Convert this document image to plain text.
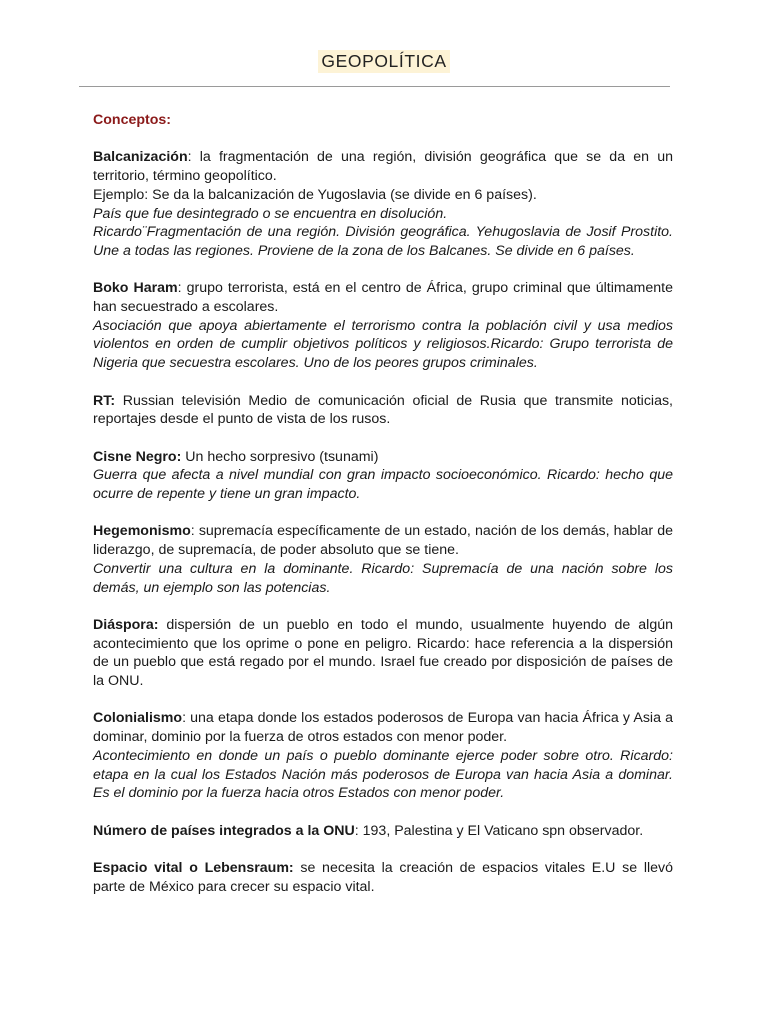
GEOPOLÍTICA
Conceptos:

Balcanización: la fragmentación de una región, división geográfica que se da en un territorio, término geopolítico.

Ejemplo: Se da la balcanización de Yugoslavia (se divide en 6 países).

País que fue desintegrado o se encuentra en disolución.

Ricardo¨Fragmentación de una región. División geográfica. Yehugoslavia de Josif Prostito. Une a todas las regiones. Proviene de la zona de los Balcanes. Se divide en 6 países.

Boko Haram: grupo terrorista, está en el centro de África, grupo criminal que últimamente han secuestrado a escolares.

Asociación que apoya abiertamente el terrorismo contra la población civil y usa medios violentos en orden de cumplir objetivos políticos y religiosos.Ricardo: Grupo terrorista de Nigeria que secuestra escolares. Uno de los peores grupos criminales.

RT: Russian televisión Medio de comunicación oficial de Rusia que transmite noticias, reportajes desde el punto de vista de los rusos.

Cisne Negro: Un hecho sorpresivo (tsunami)

Guerra que afecta a nivel mundial con gran impacto socioeconómico. Ricardo: hecho que ocurre de repente y tiene un gran impacto.

Hegemonismo: supremacía específicamente de un estado, nación de los demás, hablar de liderazgo, de supremacía, de poder absoluto que se tiene.

Convertir una cultura en la dominante. Ricardo: Supremacía de una nación sobre los demás, un ejemplo son las potencias.

Diáspora: dispersión de un pueblo en todo el mundo, usualmente huyendo de algún acontecimiento que los oprime o pone en peligro. Ricardo: hace referencia a la dispersión de un pueblo que está regado por el mundo. Israel fue creado por disposición de países de la ONU.

Colonialismo: una etapa donde los estados poderosos de Europa van hacia África y Asia a dominar, dominio por la fuerza de otros estados con menor poder.

Acontecimiento en donde un país o pueblo dominante ejerce poder sobre otro. Ricardo: etapa en la cual los Estados Nación más poderosos de Europa van hacia Asia a dominar. Es el dominio por la fuerza hacia otros Estados con menor poder.

Número de países integrados a la ONU: 193, Palestina y El Vaticano spn observador.

Espacio vital o Lebensraum: se necesita la creación de espacios vitales E.U se llevó parte de México para crecer su espacio vital.
